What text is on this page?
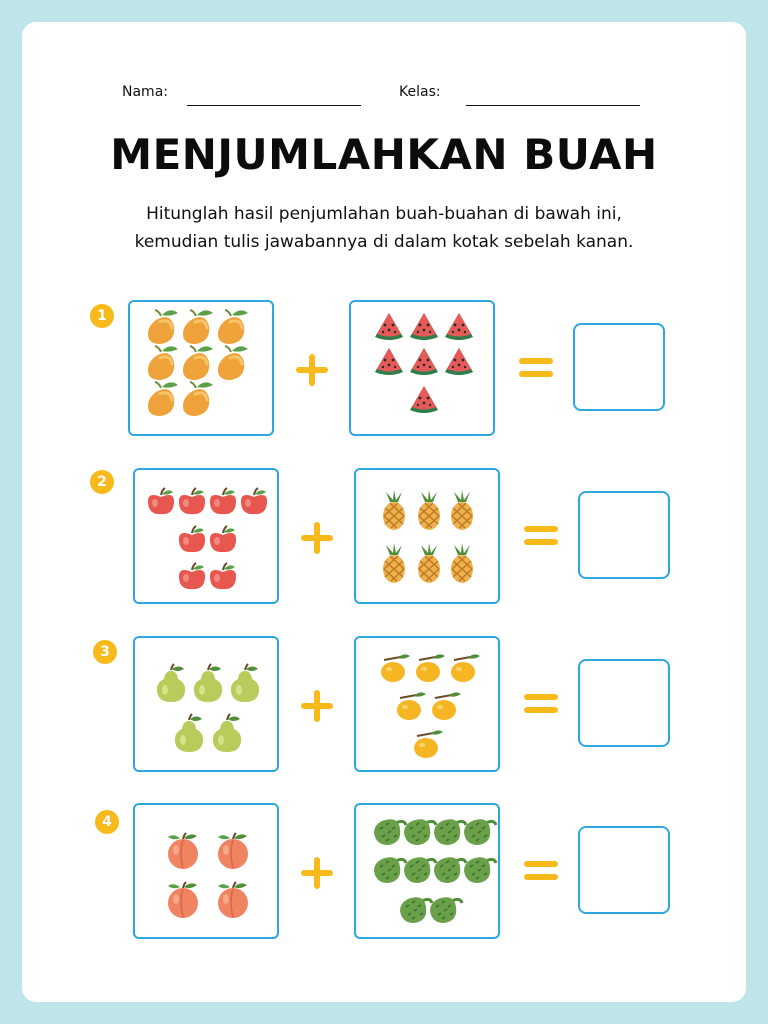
Nama:	Kelas:
MENJUMLAHKAN BUAH
Hitunglah hasil penjumlahan buah-buahan di bawah ini,
kemudian tulis jawabannya di dalam kotak sebelah kanan.
1
2
3
4
